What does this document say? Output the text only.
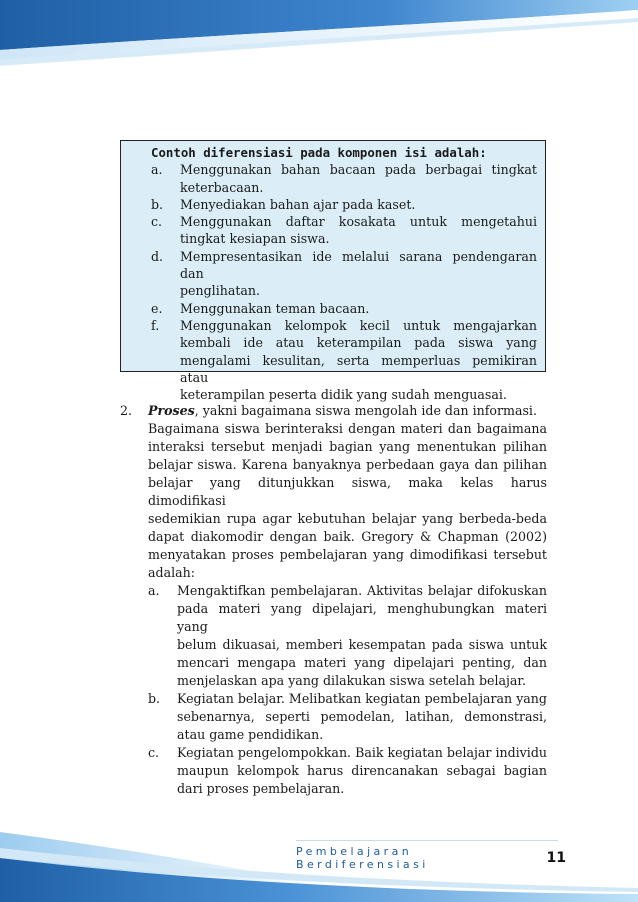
Contoh diferensiasi pada komponen isi adalah:
a.	Menggunakan bahan bacaan pada berbagai tingkat
keterbacaan.
b.	Menyediakan bahan ajar pada kaset.
c.	Menggunakan daftar kosakata untuk mengetahui
tingkat kesiapan siswa.
d.	Mempresentasikan ide melalui sarana pendengaran dan
penglihatan.
e.	Menggunakan teman bacaan.
f.	Menggunakan kelompok kecil untuk mengajarkan
kembali ide atau keterampilan pada siswa yang
mengalami kesulitan, serta memperluas pemikiran atau
keterampilan peserta didik yang sudah menguasai.
2.	Proses, yakni bagaimana siswa mengolah ide dan informasi.
Bagaimana siswa berinteraksi dengan materi dan bagaimana
interaksi tersebut menjadi bagian yang menentukan pilihan
belajar siswa. Karena banyaknya perbedaan gaya dan pilihan
belajar yang ditunjukkan siswa, maka kelas harus dimodifikasi
sedemikian rupa agar kebutuhan belajar yang berbeda-beda
dapat diakomodir dengan baik. Gregory & Chapman (2002)
menyatakan proses pembelajaran yang dimodifikasi tersebut
adalah:
a.	Mengaktifkan pembelajaran. Aktivitas belajar difokuskan
pada materi yang dipelajari, menghubungkan materi yang
belum dikuasai, memberi kesempatan pada siswa untuk
mencari mengapa materi yang dipelajari penting, dan
menjelaskan apa yang dilakukan siswa setelah belajar.
b.	Kegiatan belajar. Melibatkan kegiatan pembelajaran yang
sebenarnya, seperti pemodelan, latihan, demonstrasi,
atau game pendidikan.
c.	Kegiatan pengelompokkan. Baik kegiatan belajar individu
maupun kelompok harus direncanakan sebagai bagian
dari proses pembelajaran.
Pembelajaran Berdiferensiasi	11
